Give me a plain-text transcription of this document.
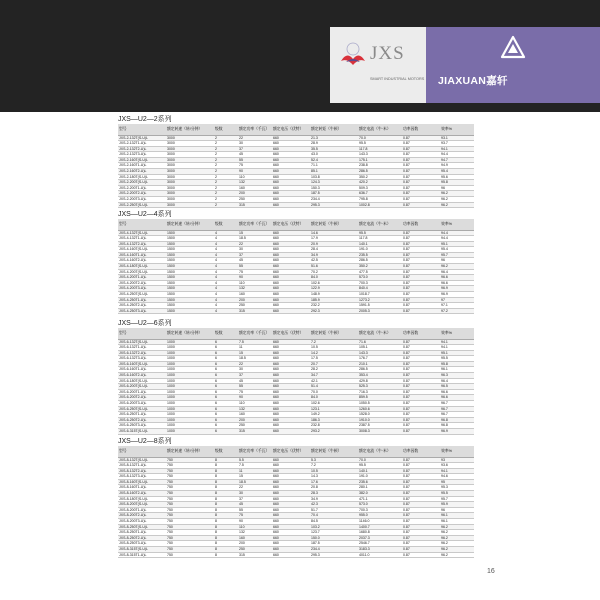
JXS
SMART INDUSTRIAL MOTORS JIAXUAN嘉轩
JXS—U2—2系列
型号	额定转速（转/分钟）	级数	额定功率（千瓦）	额定电压（伏特）	额定转矩（牛顿）	额定电流（牛·米）	功率因数	效率%
JXS-2-132T(S-U)L	3000	2	22	660	21.3	70.0	0.87	93.1
JXS-2-132T1-U)L	3000	2	30	660	28.9	95.5	0.87	93.7
JXS-2-132T2-U)L	3000	2	37	660	35.5	117.8	0.87	94.1
JXS-2-132T3-U)L	3000	2	45	660	43.0	143.3	0.87	94.4
JXS-2-160T(S-U)L	3000	2	55	660	52.4	175.1	0.87	94.7
JXS-2-160T1-U)L	3000	2	75	660	71.1	238.8	0.87	94.9
JXS-2-160T2-U)L	3000	2	90	660	85.1	286.5	0.87	95.4
JXS-2-180T(S-U)L	3000	2	110	660	103.8	350.2	0.87	95.6
JXS-2-200T(S-U)L	3000	2	132	660	124.3	420.2	0.87	95.8
JXS-2-200T1-U)L	3000	2	160	660	150.3	509.3	0.87	96
JXS-2-200T2-U)L	3000	2	200	660	187.5	636.7	0.87	96.2
JXS-2-200T3-U)L	3000	2	250	660	234.4	795.8	0.87	96.2
JXS-2-250T(S-U)L	3000	2	315	660	295.3	1002.8	0.87	96.2
JXS—U2—4系列
型号	额定转速（转/分钟）	级数	额定功率（千瓦）	额定电压（伏特）	额定转矩（牛顿）	额定电流（牛·米）	功率因数	效率%
JXS-4-132T(S-U)L	1500	4	15	660	14.6	95.5	0.87	94.4
JXS-4-132T1-U)L	1500	4	18.5	660	17.9	117.8	0.87	94.4
JXS-4-132T2-U)L	1500	4	22	660	20.9	140.1	0.87	95.1
JXS-4-160T(S-U)L	1500	4	30	660	28.4	191.0	0.87	95.4
JXS-4-160T1-U)L	1500	4	37	660	34.9	235.5	0.87	95.7
JXS-4-160T2-U)L	1500	4	45	660	42.5	286.5	0.87	96
JXS-4-180T(S-U)L	1500	4	55	660	51.6	350.2	0.87	96.2
JXS-4-200T(S-U)L	1500	4	75	660	70.2	477.5	0.87	96.4
JXS-4-200T1-U)L	1500	4	90	660	84.0	573.0	0.87	96.6
JXS-4-200T2-U)L	1500	4	110	660	102.6	700.3	0.87	96.6
JXS-4-200T3-U)L	1500	4	132	660	122.9	840.4	0.87	96.9
JXS-4-250T(S-U)L	1500	4	160	660	148.9	1018.7	0.87	96.9
JXS-4-250T1-U)L	1500	4	200	660	185.9	1273.2	0.87	97
JXS-4-250T2-U)L	1500	4	250	660	232.2	1591.5	0.87	97.1
JXS-4-250T3-U)L	1500	4	315	660	292.3	2005.3	0.87	97.2
JXS—U2—6系列
型号	额定转速（转/分钟）	级数	额定功率（千瓦）	额定电压（伏特）	额定转矩（牛顿）	额定电流（牛·米）	功率因数	效率%
JXS-6-132T(S-U)L	1000	6	7.5	660	7.2	71.6	0.87	94.1
JXS-6-132T1-U)L	1000	6	11	660	10.5	105.1	0.87	94.1
JXS-6-132T2-U)L	1000	6	15	660	14.2	143.3	0.87	95.1
JXS-6-132T3-U)L	1000	6	18.5	660	17.5	176.7	0.87	95.5
JXS-6-160T(S-U)L	1000	6	22	660	20.7	210.1	0.87	95.8
JXS-6-160T1-U)L	1000	6	30	660	28.2	286.5	0.87	96.1
JXS-6-160T2-U)L	1000	6	37	660	34.7	353.4	0.87	96.3
JXS-6-180T(S-U)L	1000	6	45	660	42.1	429.8	0.87	96.4
JXS-6-200T(S-U)L	1000	6	55	660	51.4	525.3	0.87	96.5
JXS-6-200T1-U)L	1000	6	75	660	70.0	716.3	0.87	96.6
JXS-6-200T2-U)L	1000	6	90	660	84.0	859.5	0.87	96.6
JXS-6-200T3-U)L	1000	6	110	660	102.6	1050.5	0.87	96.7
JXS-6-250T(S-U)L	1000	6	132	660	123.1	1260.6	0.87	96.7
JXS-6-250T1-U)L	1000	6	160	660	149.2	1528.0	0.87	96.7
JXS-6-250T2-U)L	1000	6	200	660	186.3	1910.0	0.87	96.8
JXS-6-250T3-U)L	1000	6	250	660	232.8	2387.5	0.87	96.8
JXS-6-315T(S-U)L	1000	6	315	660	293.2	3008.3	0.87	96.9
JXS—U2—8系列
型号	额定转速（转/分钟）	级数	额定功率（千瓦）	额定电压（伏特）	额定转矩（牛顿）	额定电流（牛·米）	功率因数	效率%
JXS-8-132T(S-U)L	750	8	5.5	660	5.3	70.0	0.87	93
JXS-8-132T1-U)L	750	8	7.5	660	7.2	95.5	0.87	93.6
JXS-8-132T2-U)L	750	8	11	660	10.5	140.1	0.87	94.1
JXS-8-132T3-U)L	750	8	15	660	14.3	191.0	0.87	94.6
JXS-8-160T(S-U)L	750	8	18.5	660	17.6	235.6	0.87	95
JXS-8-160T1-U)L	750	8	22	660	20.8	280.1	0.87	95.3
JXS-8-160T2-U)L	750	8	30	660	28.3	382.0	0.87	95.5
JXS-8-180T(S-U)L	750	8	37	660	34.9	471.1	0.87	95.7
JXS-8-200T(S-U)L	750	8	45	660	42.3	573.0	0.87	95.9
JXS-8-200T1-U)L	750	8	55	660	51.7	700.3	0.87	96
JXS-8-200T2-U)L	750	8	75	660	70.4	955.0	0.87	96.1
JXS-8-200T3-U)L	750	8	90	660	84.5	1146.0	0.87	96.1
JXS-8-250T(S-U)L	750	8	110	660	103.2	1400.7	0.87	96.2
JXS-8-250T1-U)L	750	8	132	660	123.7	1680.8	0.87	96.2
JXS-8-250T2-U)L	750	8	160	660	150.0	2037.3	0.87	96.2
JXS-8-250T3-U)L	750	8	200	660	187.5	2546.7	0.87	96.2
JXS-8-315T(S-U)L	750	8	250	660	234.4	3183.3	0.87	96.2
JXS-8-315T1-U)L	750	8	315	660	295.3	4011.0	0.87	96.2
16
